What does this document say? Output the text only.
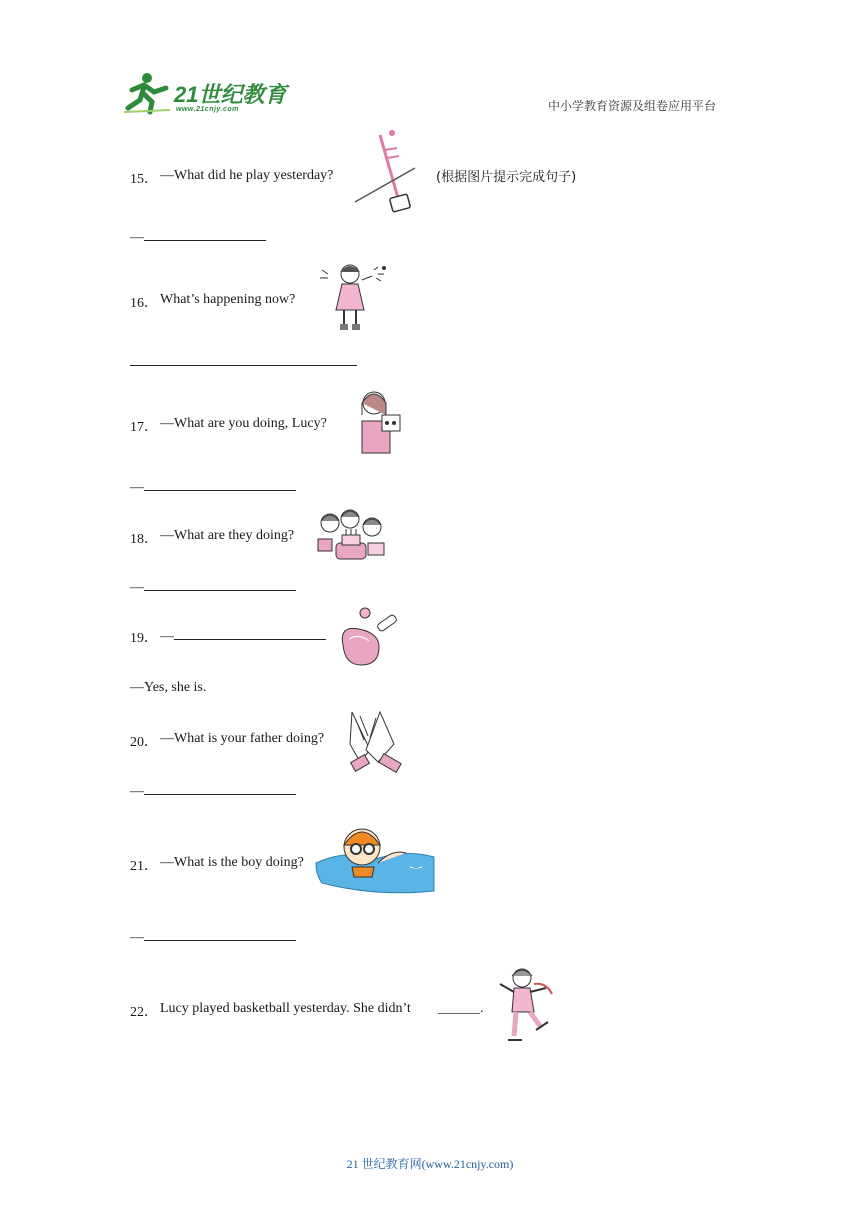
21世纪教育
www.21cnjy.com	中小学教育资源及组卷应用平台
15． —What did he play yesterday?	(根据图片提示完成句子)
—
16． What’s happening now?
17． —What are you doing, Lucy?
—
18． —What are they doing?
—
19． —
—Yes, she is.
20． —What is your father doing?
—
21． —What is the boy doing?
—
22． Lucy played basketball yesterday. She didn’t ______.
21 世纪教育网(www.21cnjy.com)
